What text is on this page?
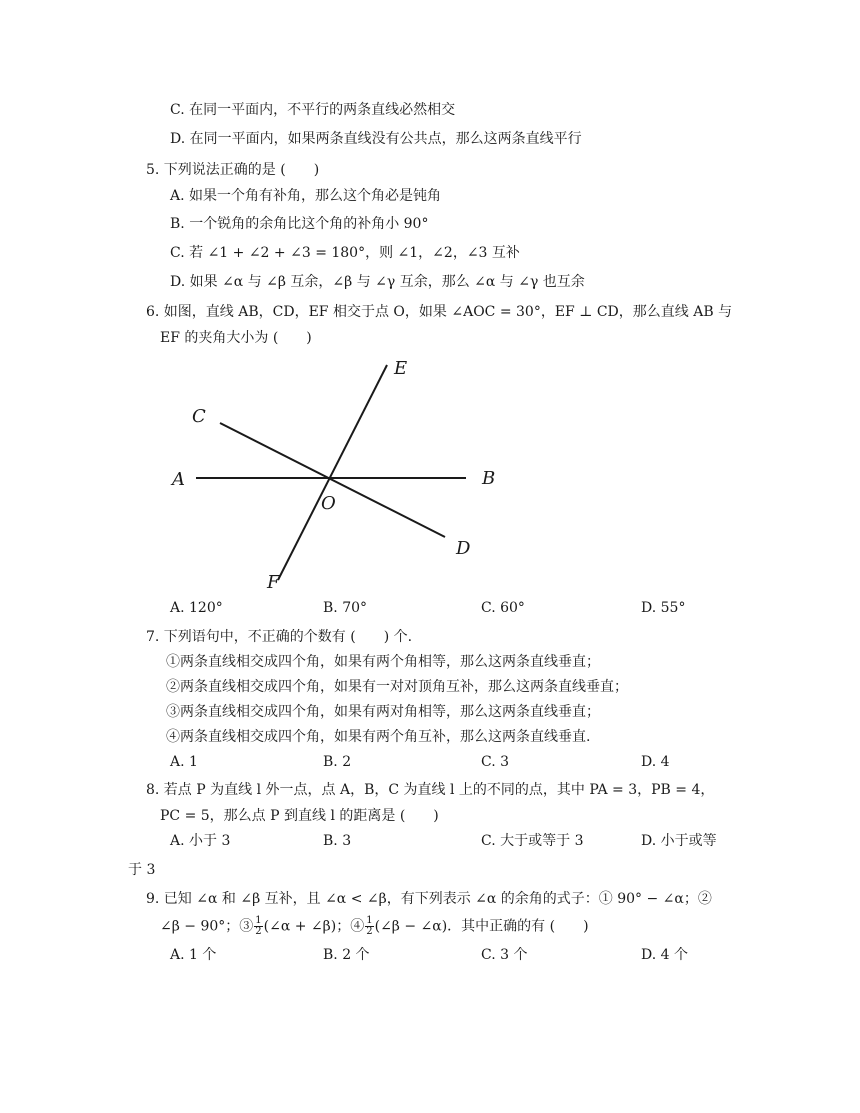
C. 在同一平面内，不平行的两条直线必然相交
D. 在同一平面内，如果两条直线没有公共点，那么这两条直线平行
5. 下列说法正确的是 (　　)
A. 如果一个角有补角，那么这个角必是钝角
B. 一个锐角的余角比这个角的补角小 90°
C. 若 ∠1 + ∠2 + ∠3 = 180°，则 ∠1，∠2，∠3 互补
D. 如果 ∠α 与 ∠β 互余，∠β 与 ∠γ 互余，那么 ∠α 与 ∠γ 也互余
6. 如图，直线 AB，CD，EF 相交于点 O，如果 ∠AOC = 30°，EF ⊥ CD，那么直线 AB 与
EF 的夹角大小为 (　　)
A	B
C
D
E
F
O
A. 120°	B. 70°	C. 60°	D. 55°
7. 下列语句中，不正确的个数有 (　　) 个.
①两条直线相交成四个角，如果有两个角相等，那么这两条直线垂直；
②两条直线相交成四个角，如果有一对对顶角互补，那么这两条直线垂直；
③两条直线相交成四个角，如果有两对角相等，那么这两条直线垂直；
④两条直线相交成四个角，如果有两个角互补，那么这两条直线垂直.
A. 1	B. 2	C. 3	D. 4
8. 若点 P 为直线 l 外一点，点 A，B，C 为直线 l 上的不同的点，其中 PA = 3，PB = 4，
PC = 5，那么点 P 到直线 l 的距离是 (　　)
A. 小于 3	B. 3	C. 大于或等于 3	D. 小于或等
于 3
9. 已知 ∠α 和 ∠β 互补，且 ∠α < ∠β，有下列表示 ∠α 的余角的式子：① 90° − ∠α；②
∠β − 90°；③ $\frac{1}{2}$ (∠α + ∠β)；④ $\frac{1}{2}$ (∠β − ∠α)．其中正确的有 (　　)
A. 1 个	B. 2 个	C. 3 个	D. 4 个
